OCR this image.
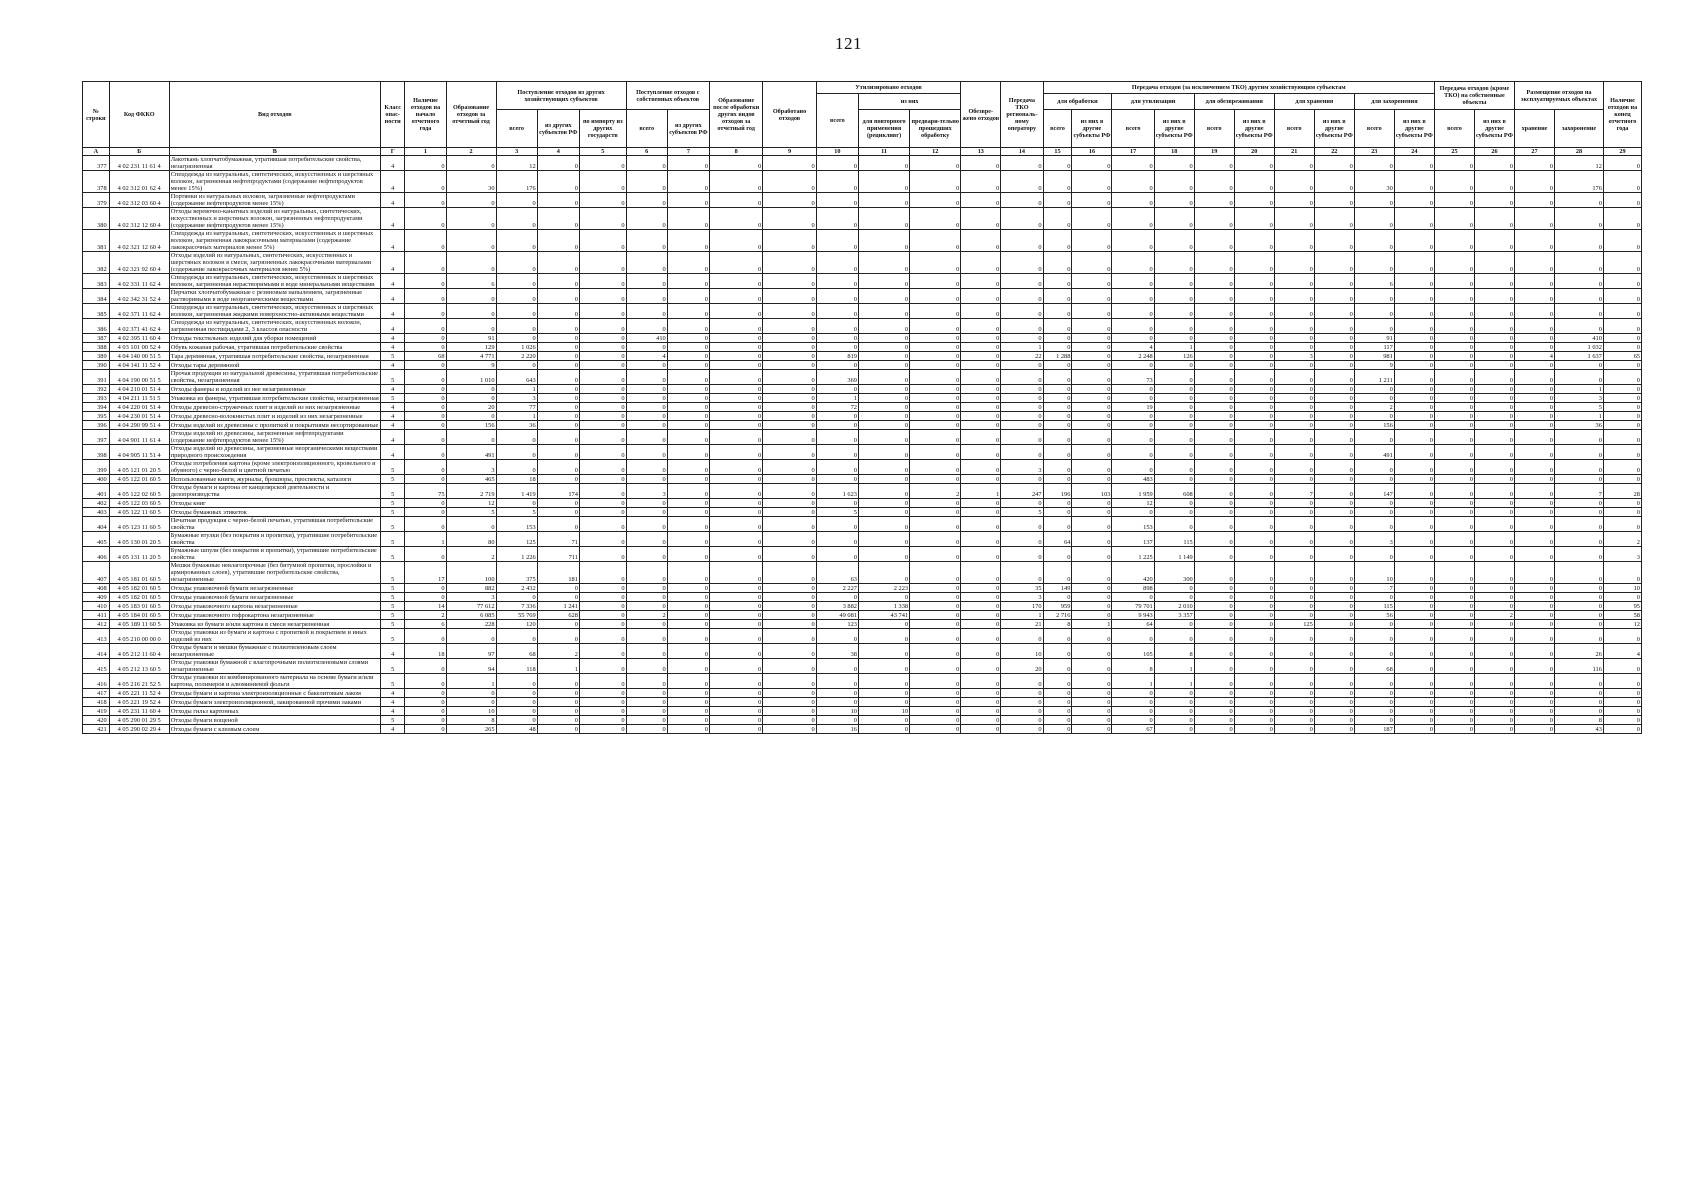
121
№ строки	Код ФККО	Вид отходов	Класс опас-ности	Наличие отходов на начало отчетного года	Образование отходов за отчетный год	Поступление отходов из других хозяйствующих субъектов			Поступление отходов с собственных объектов		Образование после обработки других видов отходов за отчетный год	Обработано отходов	Утилизировано отходов			Обезвре-жено отходов	Передача ТКО региональ-ному оператору	Передача отходов (за исключением ТКО) другим хозяйствующим субъектам										Передача отходов (кроме ТКО) на собственные объекты		Размещение отходов на эксплуатируемых объектах		Наличие отходов на конец отчетного года
													всего	из них				для обработки		для утилизации		для обезвреживания		для хранения		для захоронения						
						всего	из других субъектов РФ	по импорту из других государств	всего	из других субъектов РФ				для повторного применения (рецикливг)	предвари-тельно прошедших обработку			всего	из них в другие субъекты РФ	всего	из них в другие субъекты РФ	всего	из них в другие субъекты РФ	всего	из них в другие субъекты РФ	всего	из них в другие субъекты РФ	всего	из них в другие субъекты РФ	хранение	захоронение	
А	Б	В	Г	1	2	3	4	5	6	7	8	9	10	11	12	13	14	15	16	17	18	19	20	21	22	23	24	25	26	27	28	29
377	4 02 231 11 61 4	Лакоткань хлопчатобумажная, утратившая потребительские свойства, незагрязненная	4	0	0	12	0	0	0	0	0	0	0	0	0	0	0	0	0	0	0	0	0	0	0	0	0	0	0	0	12	0
378	4 02 312 01 62 4	Спецодежда из натуральных, синтетических, искусственных и шерстяных волокон, загрязненная нефтепродуктами (содержание нефтепродуктов менее 15%)	4	0	30	176	0	0	0	0	0	0	0	0	0	0	0	0	0	0	0	0	0	0	0	30	0	0	0	0	176	0
379	4 02 312 03 60 4	Портянки из натуральных волокон, загрязненные нефтепродуктами (содержание нефтепродуктов менее 15%)	4	0	0	0	0	0	0	0	0	0	0	0	0	0	0	0	0	0	0	0	0	0	0	0	0	0	0	0	0	0
380	4 02 312 12 60 4	Отходы веревочно-канатных изделий из натуральных, синтетических, искусственных и шерстяных волокон, загрязненных нефтепродуктами (содержание нефтепродуктов менее 15%)	4	0	0	0	0	0	0	0	0	0	0	0	0	0	0	0	0	0	0	0	0	0	0	0	0	0	0	0	0	0
381	4 02 321 12 60 4	Спецодежда из натуральных, синтетических, искусственных и шерстяных волокон, загрязненная лакокрасочными материалами (содержание лакокрасочных материалов менее 5%)	4	0	0	0	0	0	0	0	0	0	0	0	0	0	0	0	0	0	0	0	0	0	0	0	0	0	0	0	0	0
382	4 02 321 92 60 4	Отходы изделий из натуральных, синтетических, искусственных и шерстяных волокон в смеси, загрязненных лакокрасочными материалами (содержание лакокрасочных материалов менее 5%)	4	0	0	0	0	0	0	0	0	0	0	0	0	0	0	0	0	0	0	0	0	0	0	0	0	0	0	0	0	0
383	4 02 331 11 62 4	Спецодежда из натуральных, синтетических, искусственных и шерстяных волокон, загрязненная нерастворимыми в воде минеральными веществами	4	0	6	0	0	0	0	0	0	0	0	0	0	0	0	0	0	0	0	0	0	0	0	6	0	0	0	0	0	0
384	4 02 342 31 52 4	Перчатки хлопчатобумажные с резиновым напылением, загрязненные растворимыми в воде неорганическими веществами	4	0	0	0	0	0	0	0	0	0	0	0	0	0	0	0	0	0	0	0	0	0	0	0	0	0	0	0	0	0
385	4 02 371 11 62 4	Спецодежда из натуральных, синтетических, искусственных и шерстяных волокон, загрязненная жидкими поверхностно-активными веществами	4	0	0	0	0	0	0	0	0	0	0	0	0	0	0	0	0	0	0	0	0	0	0	0	0	0	0	0	0	0
386	4 02 371 41 62 4	Спецодежда из натуральных, синтетических, искусственных волокон, загрязненная пестицидами 2, 3 классов опасности	4	0	0	0	0	0	0	0	0	0	0	0	0	0	0	0	0	0	0	0	0	0	0	0	0	0	0	0	0	0
387	4 02 395 11 60 4	Отходы текстильных изделий для уборки помещений	4	0	91	0	0	0	410	0	0	0	0	0	0	0	0	0	0	0	0	0	0	0	0	91	0	0	0	0	410	0
388	4 03 101 00 52 4	Обувь кожаная рабочая, утратившая потребительские свойства	4	0	129	1 026	0	0	0	0	0	0	0	0	0	0	1	0	0	4	1	0	0	0	0	117	0	0	0	0	1 032	0
389	4 04 140 00 51 5	Тара деревянная, утратившая потребительские свойства, незагрязненная	5	68	4 771	2 220	0	0	4	0	0	0	819	0	0	0	22	1 288	0	2 248	126	0	0	3	0	981	0	0	0	4	1 637	65
390	4 04 141 11 52 4	Отходы тары деревянной	4	0	9	0	0	0	0	0	0	0	0	0	0	0	0	0	0	0	0	0	0	0	0	9	0	0	0	0	0	0
391	4 04 190 00 51 5	Прочая продукция из натуральной древесины, утратившая потребительские свойства, незагрязненная	5	0	1 010	643	0	0	0	0	0	0	369	0	0	0	0	0	0	73	0	0	0	0	0	1 211	0	0	0	0	0	0
392	4 04 210 01 51 4	Отходы фанеры и изделий из нее незагрязненные	4	0	0	1	0	0	0	0	0	0	0	0	0	0	0	0	0	0	0	0	0	0	0	0	0	0	0	0	1	0
393	4 04 211 11 51 5	Упаковка из фанеры, утратившая потребительские свойства, незагрязненная	5	0	0	3	0	0	0	0	0	0	1	0	0	0	0	0	0	0	0	0	0	0	0	0	0	0	0	0	3	0
394	4 04 220 01 51 4	Отходы древесно-стружечных плит и изделий из них незагрязненные	4	0	20	77	0	0	0	0	0	0	72	0	0	0	0	0	0	19	0	0	0	0	0	2	0	0	0	0	5	0
395	4 04 230 01 51 4	Отходы древесно-волокнистых плит и изделий из них незагрязненные	4	0	0	1	0	0	0	0	0	0	0	0	0	0	0	0	0	0	0	0	0	0	0	0	0	0	0	0	1	0
396	4 04 290 99 51 4	Отходы изделий из древесины с пропиткой и покрытиями несортированные	4	0	156	36	0	0	0	0	0	0	0	0	0	0	0	0	0	0	0	0	0	0	0	156	0	0	0	0	36	0
397	4 04 901 11 61 4	Отходы изделий из древесины, загрязненные нефтепродуктами (содержание нефтепродуктов менее 15%)	4	0	0	0	0	0	0	0	0	0	0	0	0	0	0	0	0	0	0	0	0	0	0	0	0	0	0	0	0	0
398	4 04 905 11 51 4	Отходы изделий из древесины, загрязненные неорганическими веществами природного происхождения	4	0	491	0	0	0	0	0	0	0	0	0	0	0	0	0	0	0	0	0	0	0	0	491	0	0	0	0	0	0
399	4 05 121 01 20 5	Отходы потребления картона (кроме электроизоляционного, кровельного и обувного) с черно-белой и цветной печатью	5	0	3	0	0	0	0	0	0	0	0	0	0	0	3	0	0	0	0	0	0	0	0	0	0	0	0	0	0	0
400	4 05 122 01 60 5	Использованные книги, журналы, брошюры, проспекты, каталоги	5	0	465	18	0	0	0	0	0	0	0	0	0	0	0	0	0	483	0	0	0	0	0	0	0	0	0	0	0	0
401	4 05 122 02 60 5	Отходы бумаги и картона от канцелярской деятельности и делопроизводства	5	75	2 719	1 419	174	0	3	0	0	0	1 623	0	2	1	247	196	103	1 959	608	0	0	7	0	147	0	0	0	0	7	28
402	4 05 122 03 60 5	Отходы книг	5	0	12	0	0	0	0	0	0	0	0	0	0	0	0	0	0	12	0	0	0	0	0	0	0	0	0	0	0	0
403	4 05 122 11 60 5	Отходы бумажных этикеток	5	0	5	5	0	0	0	0	0	0	5	0	0	0	5	0	0	0	0	0	0	0	0	0	0	0	0	0	0	0
404	4 05 123 11 60 5	Печатная продукция с черно-белой печатью, утратившая потребительские свойства	5	0	0	153	0	0	0	0	0	0	0	0	0	0	0	0	0	153	0	0	0	0	0	0	0	0	0	0	0	0
405	4 05 130 01 20 5	Бумажные втулки (без покрытия и пропитки), утратившие потребительские свойства	5	1	80	125	71	0	0	0	0	0	0	0	0	0	0	64	0	137	115	0	0	0	0	3	0	0	0	0	0	2
406	4 05 131 11 20 5	Бумажные шпули (без покрытия и пропитки), утратившие потребительские свойства	5	0	2	1 226	711	0	0	0	0	0	0	0	0	0	0	0	0	1 225	1 149	0	0	0	0	0	0	0	0	0	0	3
407	4 05 181 01 60 5	Мешки бумажные невлагопрочные (без битумной пропитки, прослойки и армированных слоев), утратившие потребительские свойства, незагрязненные	5	17	100	375	181	0	0	0	0	0	63	0	0	0	0	0	0	420	300	0	0	0	0	10	0	0	0	0	0	0
408	4 05 182 01 60 5	Отходы упаковочной бумаги незагрязненные	5	0	882	2 432	0	0	0	0	0	0	2 227	2 223	0	0	35	149	0	898	0	0	0	0	0	7	0	0	0	0	0	10
409	4 05 182 01 60 5	Отходы упаковочной бумаги незагрязненные	5	0	3	0	0	0	0	0	0	0	0	0	0	0	3	0	0	0	0	0	0	0	0	0	0	0	0	0	0	0
410	4 05 183 01 60 5	Отходы упаковочного картона незагрязненные	5	14	77 612	7 336	1 241	0	0	0	0	0	3 882	1 338	0	0	170	959	0	79 701	2 010	0	0	0	0	115	0	0	0	0	0	95
411	4 05 184 01 60 5	Отходы упаковочного гофрокартона незагрязненные	5	2	6 085	55 769	628	0	2	0	0	0	49 081	43 741	0	0	1	2 716	0	9 943	3 357	0	0	0	0	56	0	0	2	0	0	58
412	4 05 189 11 60 5	Упаковка из бумаги и/или картона в смеси незагрязненная	5	6	228	120	0	0	0	0	0	0	123	0	0	0	21	8	1	64	0	0	0	125	0	0	0	0	0	0	0	12
413	4 05 210 00 00 0	Отходы упаковки из бумаги и картона с пропиткой и покрытием и иных изделий из них	5	0	0	0	0	0	0	0	0	0	0	0	0	0	0	0	0	0	0	0	0	0	0	0	0	0	0	0	0	0
414	4 05 212 11 60 4	Отходы бумаги и мешки бумажные с полиэтиленовым слоем незагрязненные	4	18	97	68	2	0	0	0	0	0	38	0	0	0	10	0	0	105	8	0	0	0	0	0	0	0	0	0	26	4
415	4 05 212 13 60 5	Отходы упаковки бумажной с влагопрочными полиэтиленовыми слоями незагрязненные	5	0	94	118	1	0	0	0	0	0	0	0	0	0	20	0	0	8	1	0	0	0	0	68	0	0	0	0	116	0
416	4 05 216 21 52 5	Отходы упаковки из комбинированного материала на основе бумаги и/или картона, полимеров и алюминиевой фольги	5	0	1	0	0	0	0	0	0	0	0	0	0	0	0	0	0	1	1	0	0	0	0	0	0	0	0	0	0	0
417	4 05 221 11 52 4	Отходы бумаги и картона электроизоляционные с бакелитовым лаком	4	0	0	0	0	0	0	0	0	0	0	0	0	0	0	0	0	0	0	0	0	0	0	0	0	0	0	0	0	0
418	4 05 221 19 52 4	Отходы бумаги электроизоляционной, лакированной прочими лаками	4	0	0	0	0	0	0	0	0	0	0	0	0	0	0	0	0	0	0	0	0	0	0	0	0	0	0	0	0	0
419	4 05 231 11 60 4	Отходы гильз картонных	4	0	10	0	0	0	0	0	0	0	10	10	0	0	0	0	0	0	0	0	0	0	0	0	0	0	0	0	0	0
420	4 05 290 01 29 5	Отходы бумаги вощеной	5	0	8	0	0	0	0	0	0	0	0	0	0	0	0	0	0	0	0	0	0	0	0	0	0	0	0	0	8	0
421	4 05 290 02 29 4	Отходы бумаги с клеевым слоем	4	0	265	48	0	0	0	0	0	0	16	0	0	0	0	0	0	67	0	0	0	0	0	187	0	0	0	0	43	0
